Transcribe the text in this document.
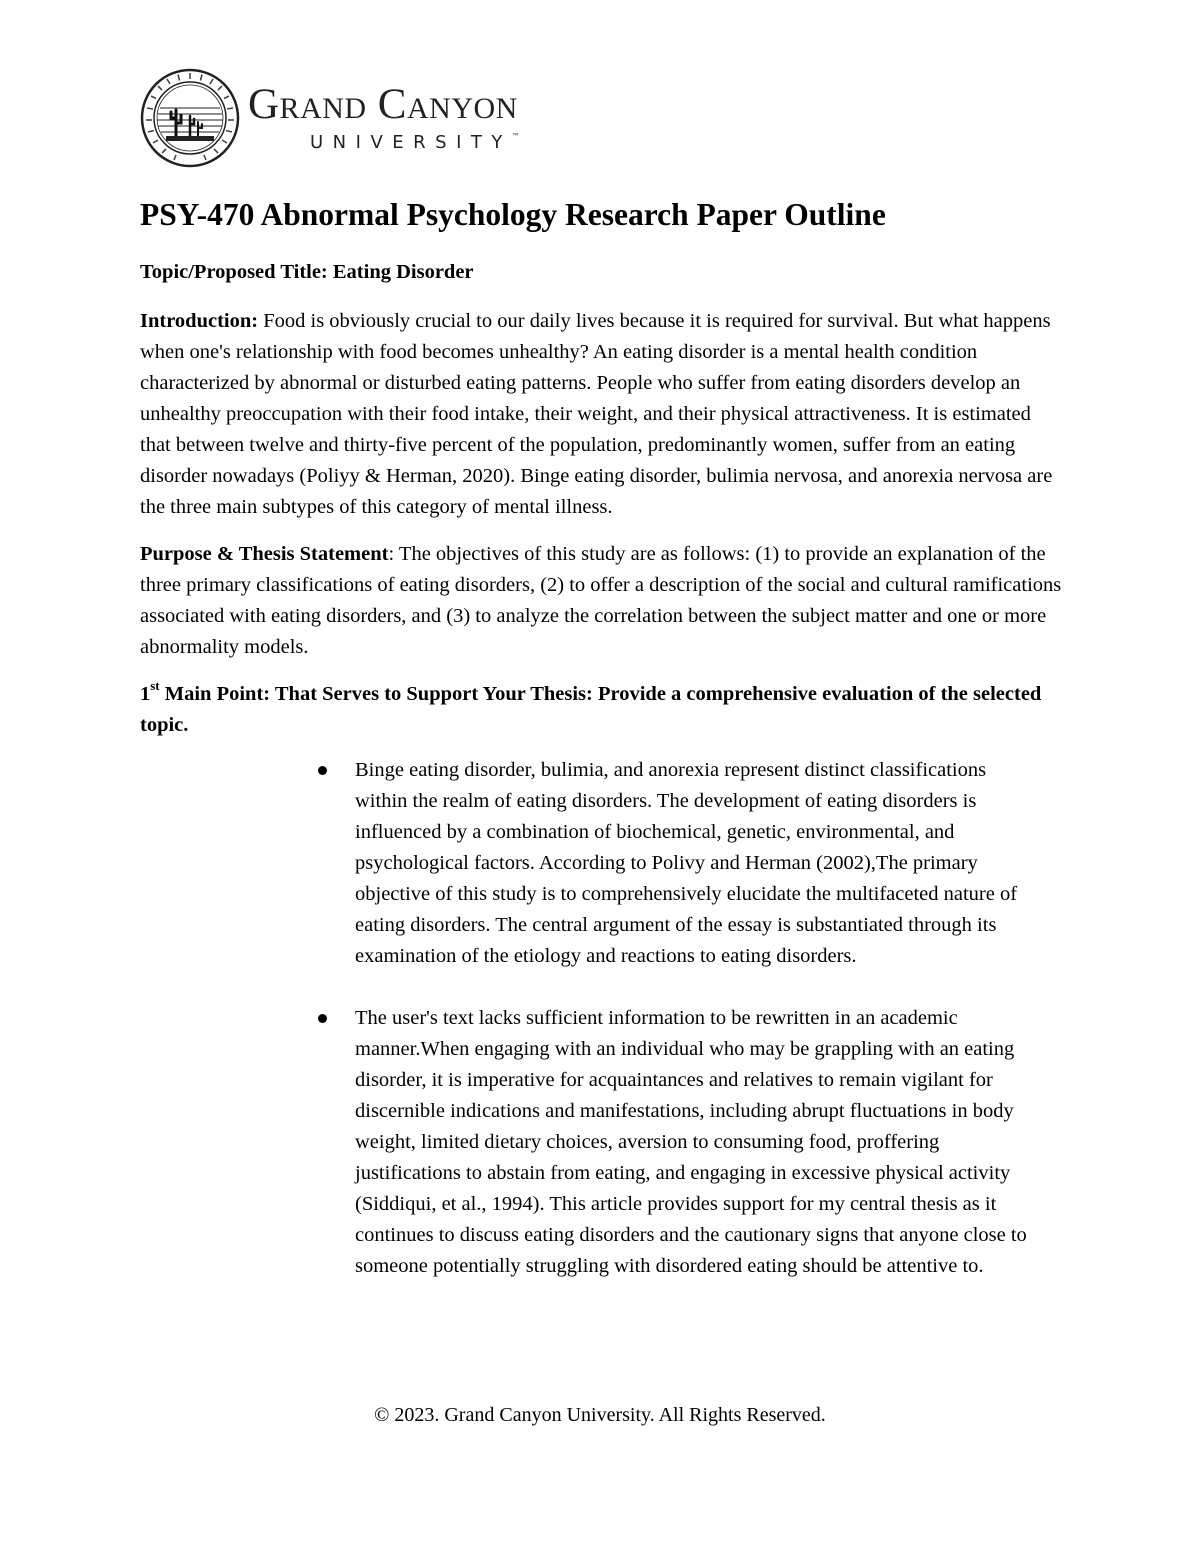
Grand Canyon
UNIVERSITY™
PSY-470 Abnormal Psychology Research Paper Outline
Topic/Proposed Title: Eating Disorder

Introduction: Food is obviously crucial to our daily lives because it is required for survival. But what happens when one's relationship with food becomes unhealthy? An eating disorder is a mental health condition characterized by abnormal or disturbed eating patterns. People who suffer from eating disorders develop an unhealthy preoccupation with their food intake, their weight, and their physical attractiveness. It is estimated that between twelve and thirty-five percent of the population, predominantly women, suffer from an eating disorder nowadays (Poliyy & Herman, 2020). Binge eating disorder, bulimia nervosa, and anorexia nervosa are the three main subtypes of this category of mental illness.

Purpose & Thesis Statement: The objectives of this study are as follows: (1) to provide an explanation of the three primary classifications of eating disorders, (2) to offer a description of the social and cultural ramifications associated with eating disorders, and (3) to analyze the correlation between the subject matter and one or more abnormality models.

1st Main Point: That Serves to Support Your Thesis: Provide a comprehensive evaluation of the selected topic.
Binge eating disorder, bulimia, and anorexia represent distinct classifications within the realm of eating disorders. The development of eating disorders is influenced by a combination of biochemical, genetic, environmental, and psychological factors. According to Polivy and Herman (2002),The primary objective of this study is to comprehensively elucidate the multifaceted nature of eating disorders. The central argument of the essay is substantiated through its examination of the etiology and reactions to eating disorders.
The user's text lacks sufficient information to be rewritten in an academic manner.When engaging with an individual who may be grappling with an eating disorder, it is imperative for acquaintances and relatives to remain vigilant for discernible indications and manifestations, including abrupt fluctuations in body weight, limited dietary choices, aversion to consuming food, proffering justifications to abstain from eating, and engaging in excessive physical activity (Siddiqui, et al., 1994). This article provides support for my central thesis as it continues to discuss eating disorders and the cautionary signs that anyone close to someone potentially struggling with disordered eating should be attentive to.
© 2023. Grand Canyon University. All Rights Reserved.
